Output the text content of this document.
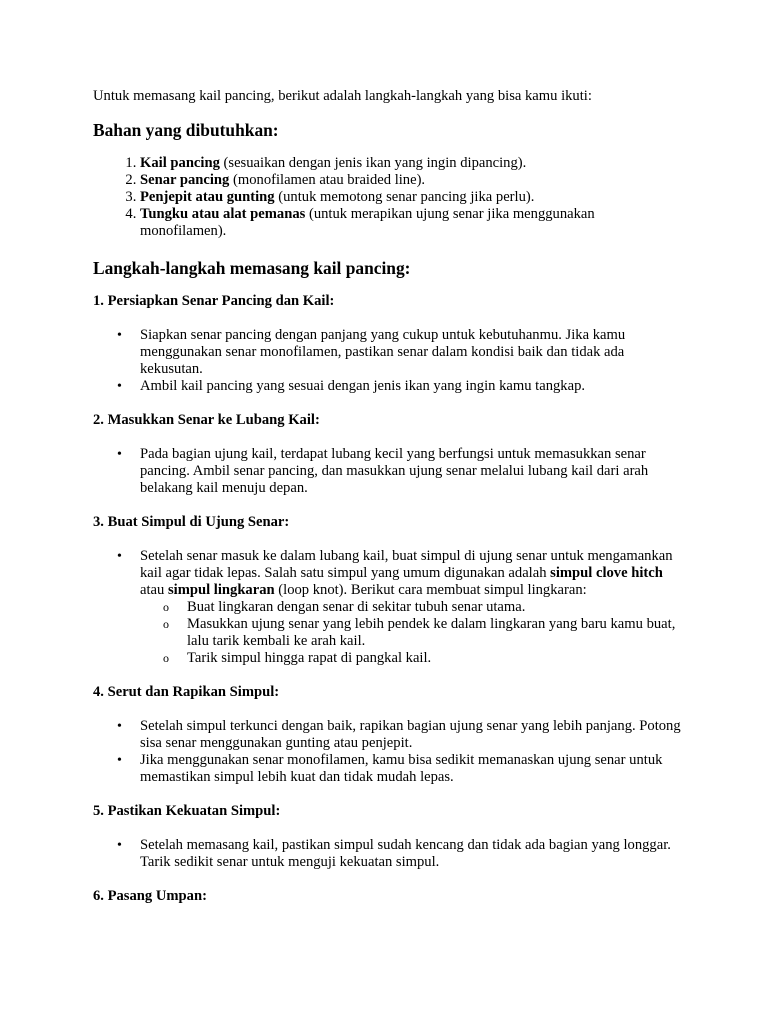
Untuk memasang kail pancing, berikut adalah langkah-langkah yang bisa kamu ikuti:

Bahan yang dibutuhkan:
1. Kail pancing (sesuaikan dengan jenis ikan yang ingin dipancing).
2. Senar pancing (monofilamen atau braided line).
3. Penjepit atau gunting (untuk memotong senar pancing jika perlu).
4. Tungku atau alat pemanas (untuk merapikan ujung senar jika menggunakan monofilamen).
Langkah-langkah memasang kail pancing:
1. Persiapkan Senar Pancing dan Kail:
• Siapkan senar pancing dengan panjang yang cukup untuk kebutuhanmu. Jika kamu menggunakan senar monofilamen, pastikan senar dalam kondisi baik dan tidak ada kekusutan.
• Ambil kail pancing yang sesuai dengan jenis ikan yang ingin kamu tangkap.
2. Masukkan Senar ke Lubang Kail:
• Pada bagian ujung kail, terdapat lubang kecil yang berfungsi untuk memasukkan senar pancing. Ambil senar pancing, dan masukkan ujung senar melalui lubang kail dari arah belakang kail menuju depan.
3. Buat Simpul di Ujung Senar:
• Setelah senar masuk ke dalam lubang kail, buat simpul di ujung senar untuk mengamankan kail agar tidak lepas. Salah satu simpul yang umum digunakan adalah simpul clove hitch atau simpul lingkaran (loop knot). Berikut cara membuat simpul lingkaran:
o Buat lingkaran dengan senar di sekitar tubuh senar utama.
o Masukkan ujung senar yang lebih pendek ke dalam lingkaran yang baru kamu buat, lalu tarik kembali ke arah kail.
o Tarik simpul hingga rapat di pangkal kail.
4. Serut dan Rapikan Simpul:
• Setelah simpul terkunci dengan baik, rapikan bagian ujung senar yang lebih panjang. Potong sisa senar menggunakan gunting atau penjepit.
• Jika menggunakan senar monofilamen, kamu bisa sedikit memanaskan ujung senar untuk memastikan simpul lebih kuat dan tidak mudah lepas.
5. Pastikan Kekuatan Simpul:
• Setelah memasang kail, pastikan simpul sudah kencang dan tidak ada bagian yang longgar. Tarik sedikit senar untuk menguji kekuatan simpul.
6. Pasang Umpan:
